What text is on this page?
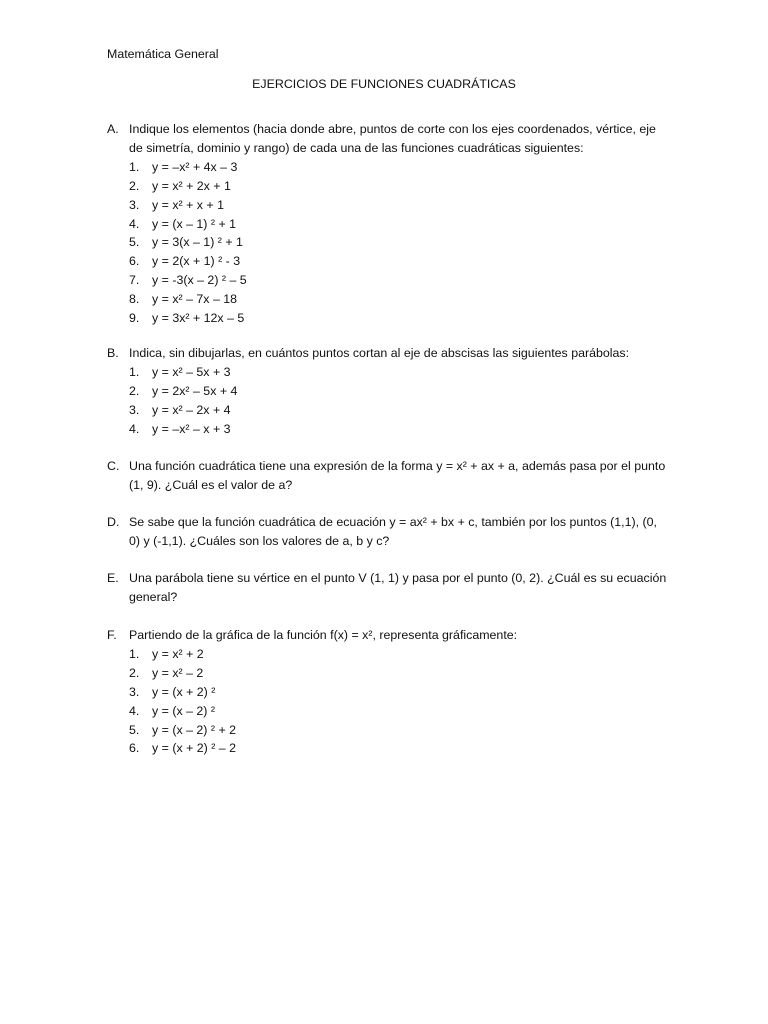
Matemática General
EJERCICIOS DE FUNCIONES CUADRÁTICAS
A. Indique los elementos (hacia donde abre, puntos de corte con los ejes coordenados, vértice, eje de simetría, dominio y rango) de cada una de las funciones cuadráticas siguientes:
1.	y = –x² + 4x – 3
2.	y = x² + 2x + 1
3.	y = x² + x + 1
4.	y = (x – 1) ² + 1
5.	y = 3(x – 1) ² + 1
6.	y = 2(x + 1) ² - 3
7.	y = -3(x – 2) ² – 5
8.	y = x² – 7x – 18
9.	y = 3x² + 12x – 5
B. Indica, sin dibujarlas, en cuántos puntos cortan al eje de abscisas las siguientes parábolas:
1.	y = x² – 5x + 3
2.	y = 2x² – 5x + 4
3.	y = x² – 2x + 4
4.	y = –x² – x + 3
C. Una función cuadrática tiene una expresión de la forma y = x² + ax + a, además pasa por el punto (1, 9). ¿Cuál es el valor de a?
D. Se sabe que la función cuadrática de ecuación y = ax² + bx + c, también por los puntos (1,1), (0, 0) y (-1,1). ¿Cuáles son los valores de a, b y c?
E. Una parábola tiene su vértice en el punto V (1, 1) y pasa por el punto (0, 2). ¿Cuál es su ecuación general?
F. Partiendo de la gráfica de la función f(x) = x², representa gráficamente:
1.	y = x² + 2
2.	y = x² – 2
3.	y = (x + 2) ²
4.	y = (x – 2) ²
5.	y = (x – 2) ² + 2
6.	y = (x + 2) ² – 2
